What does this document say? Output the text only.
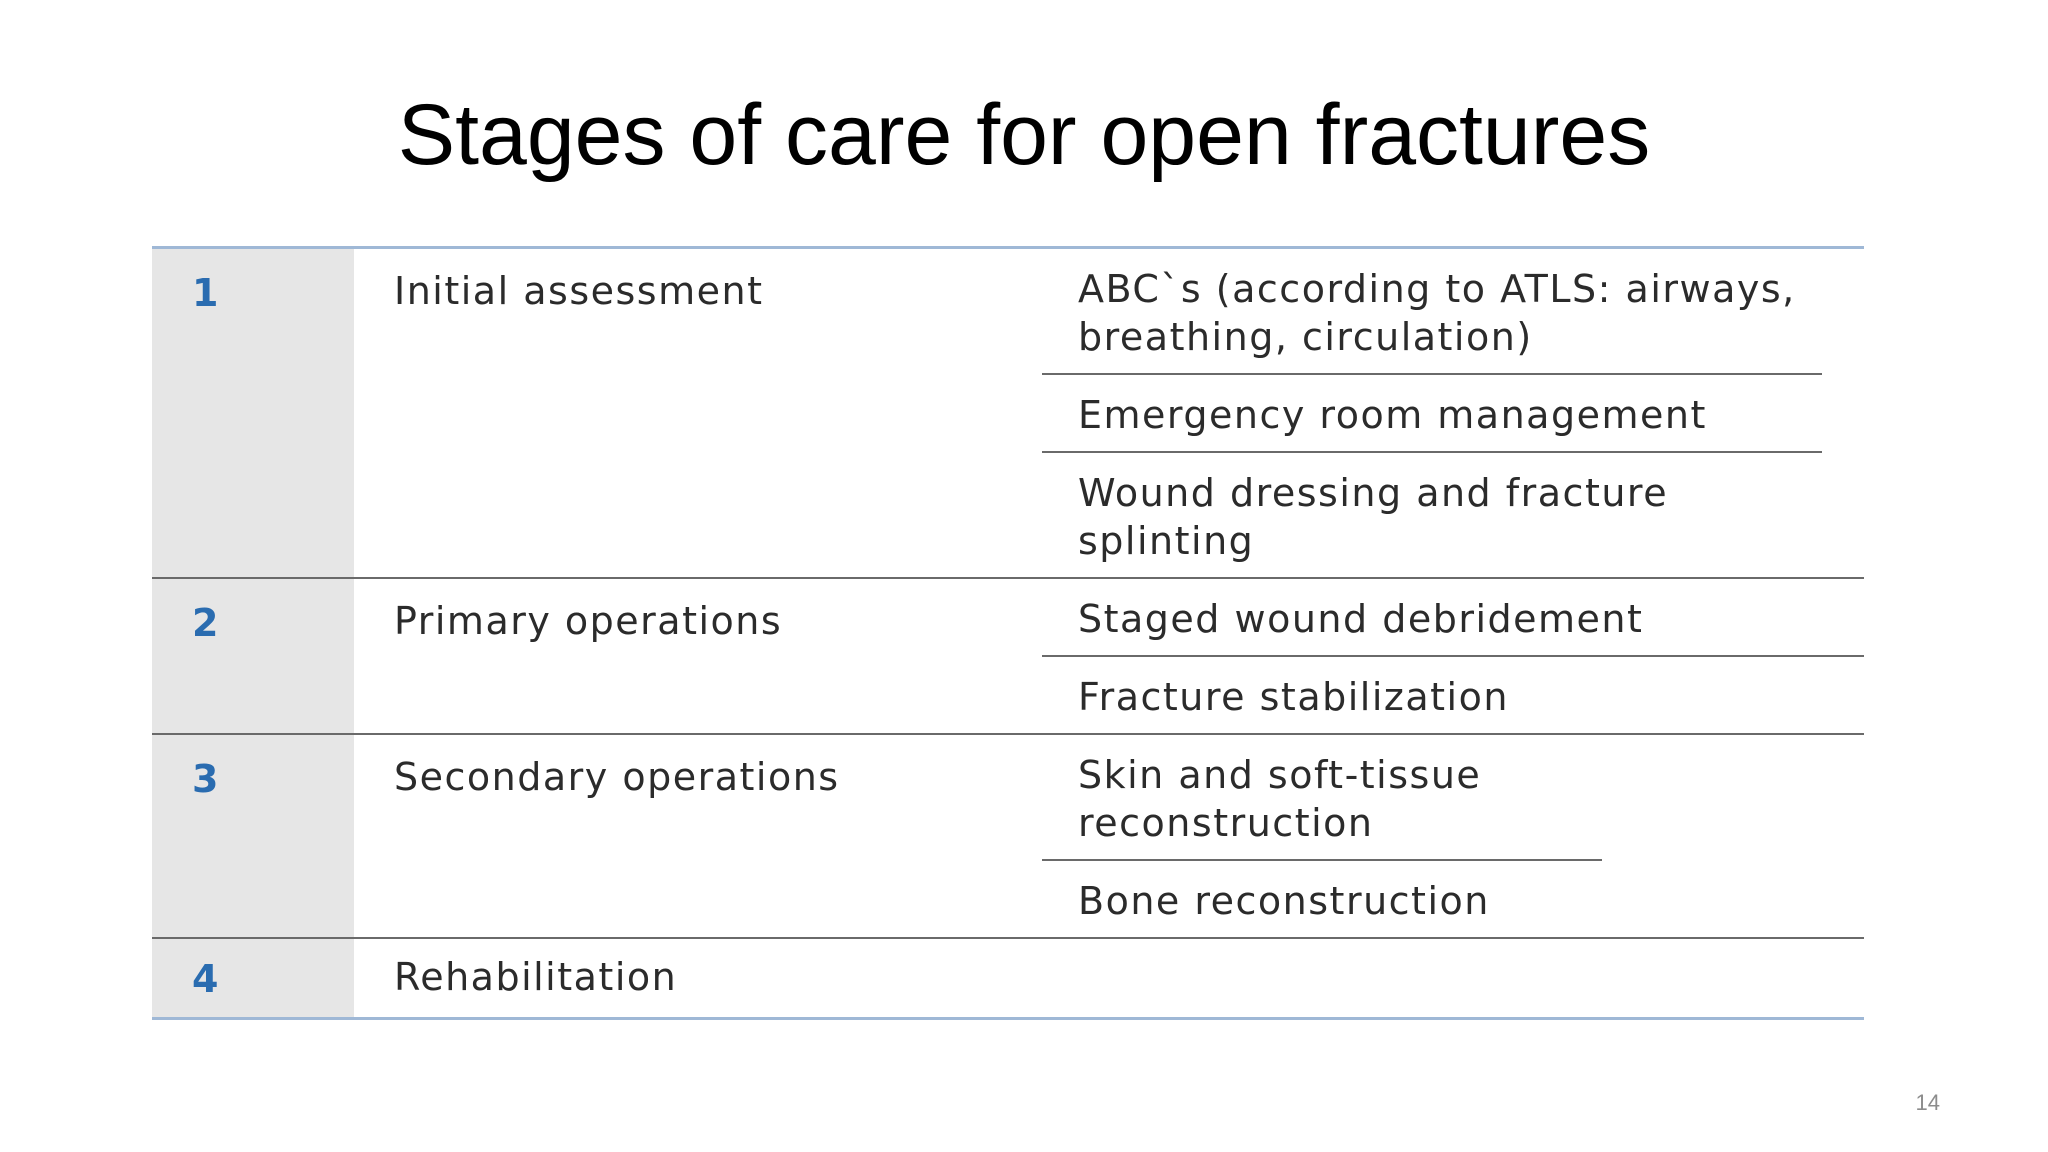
Stages of care for open fractures
1	Initial assessment	ABC`s (according to ATLS: airways, breathing, circulation)
Emergency room management
Wound dressing and fracture splinting
2	Primary operations	Staged wound debridement
Fracture stabilization
3	Secondary operations	Skin and soft-tissue reconstruction
Bone reconstruction
4	Rehabilitation
14
